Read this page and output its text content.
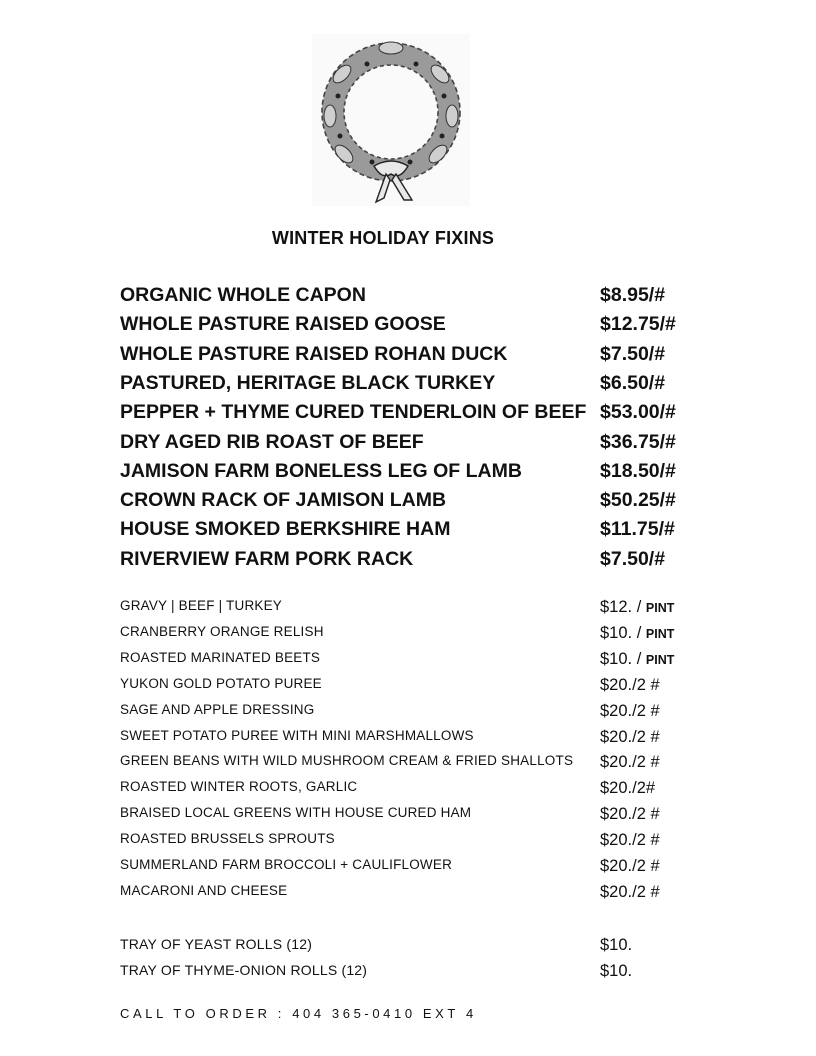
WINTER HOLIDAY FIXINS
ORGANIC WHOLE CAPON	$8.95/#
WHOLE PASTURE RAISED GOOSE	$12.75/#
WHOLE PASTURE RAISED ROHAN DUCK	$7.50/#
PASTURED, HERITAGE BLACK TURKEY	$6.50/#
PEPPER + THYME CURED TENDERLOIN OF BEEF $53.00/#
DRY AGED RIB ROAST OF BEEF	$36.75/#
JAMISON FARM BONELESS LEG OF LAMB	$18.50/#
CROWN RACK OF JAMISON LAMB	$50.25/#
HOUSE SMOKED BERKSHIRE HAM	$11.75/#
RIVERVIEW FARM PORK RACK	$7.50/#
GRAVY | BEEF | TURKEY	$12. / PINT
CRANBERRY ORANGE RELISH	$10. / PINT
ROASTED MARINATED BEETS	$10. / PINT
YUKON GOLD POTATO PUREE	$20./2 #
SAGE AND APPLE DRESSING	$20./2 #
SWEET POTATO PUREE WITH MINI MARSHMALLOWS	$20./2 #
GREEN BEANS WITH WILD MUSHROOM CREAM & FRIED SHALLOTS $20./2 #
ROASTED WINTER ROOTS, GARLIC	$20./2#
BRAISED LOCAL GREENS WITH HOUSE CURED HAM	$20./2 #
ROASTED BRUSSELS SPROUTS	$20./2 #
SUMMERLAND FARM BROCCOLI + CAULIFLOWER	$20./2 #
MACARONI AND CHEESE	$20./2 #
TRAY OF YEAST ROLLS (12)	$10.
TRAY OF THYME-ONION ROLLS (12)	$10.
CALL TO ORDER : 404 365-0410 EXT 4
